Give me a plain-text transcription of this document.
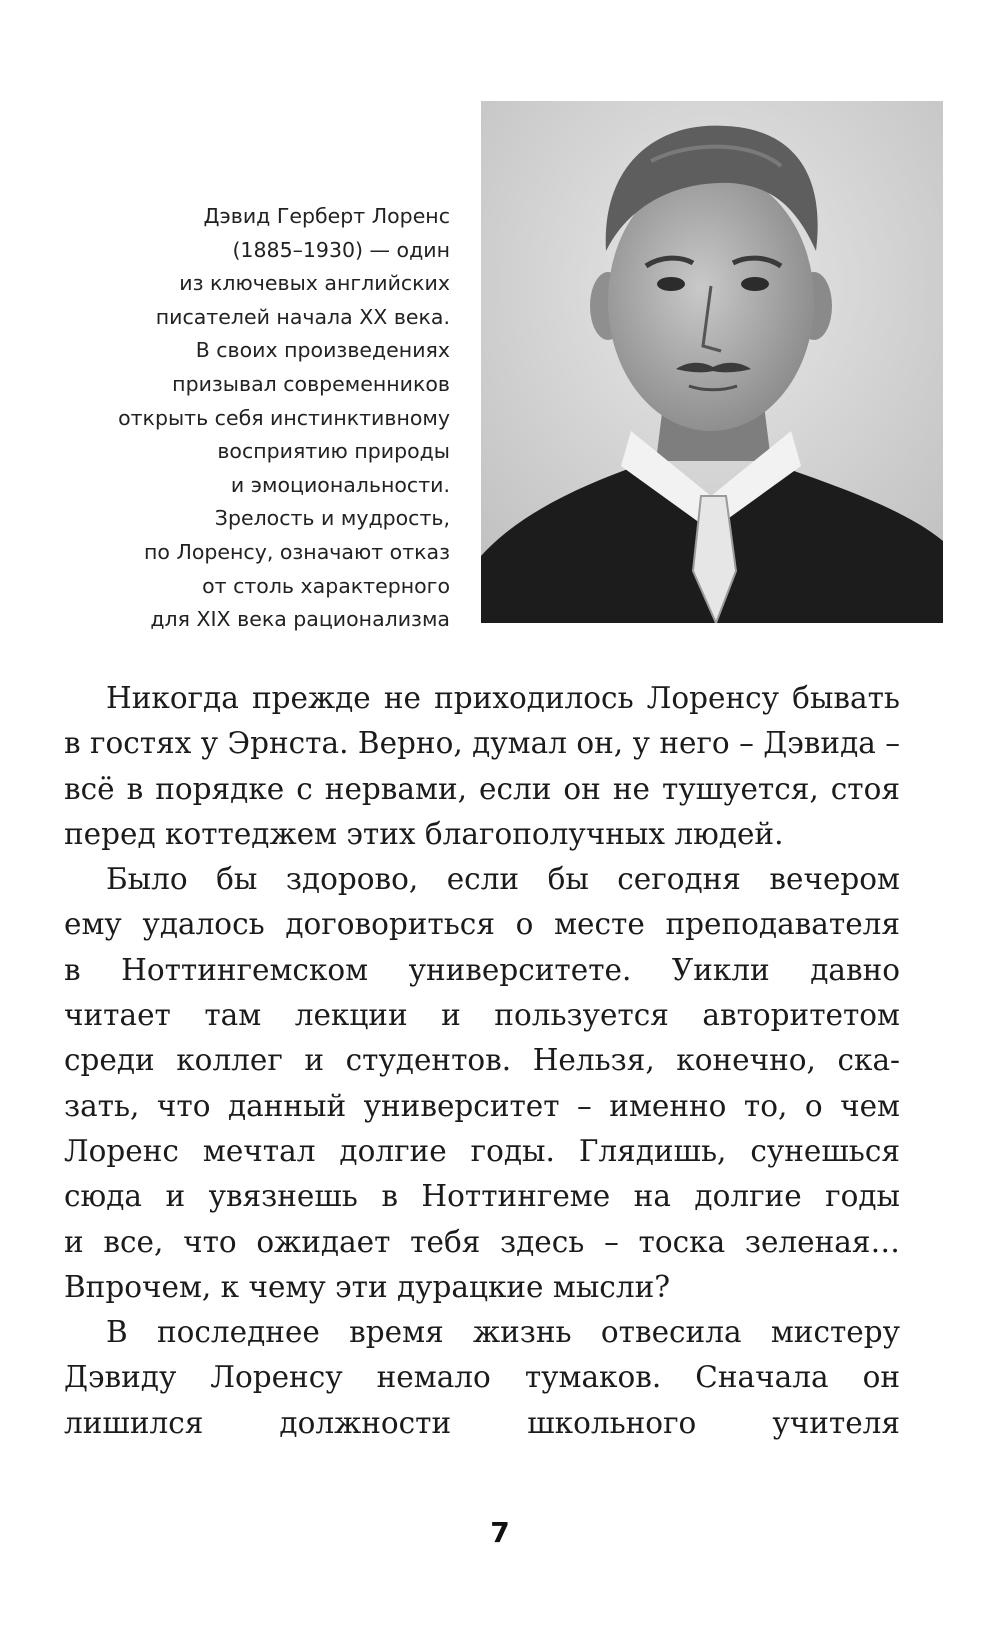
Дэвид Герберт Лоренс
(1885–1930) — один
из ключевых английских
писателей начала XX века.
В своих произведениях
призывал современников
открыть себя инстинктивному
восприятию природы
и эмоциональности.
Зрелость и мудрость,
по Лоренсу, означают отказ
от столь характерного
для XIX века рационализма
Никогда прежде не приходилось Лоренсу бывать
в гостях у Эрнста. Верно, думал он, у него – Дэвида –
всё в порядке с нервами, если он не тушуется, стоя
перед коттеджем этих благополучных людей.
Было бы здорово, если бы сегодня вечером
ему удалось договориться о месте преподавателя
в Ноттингемском университете. Уикли давно
читает там лекции и пользуется авторитетом
среди коллег и студентов. Нельзя, конечно, ска-
зать, что данный университет – именно то, о чем
Лоренс мечтал долгие годы. Глядишь, сунешься
сюда и увязнешь в Ноттингеме на долгие годы
и все, что ожидает тебя здесь – тоска зеленая…
Впрочем, к чему эти дурацкие мысли?
В последнее время жизнь отвесила мистеру
Дэвиду Лоренсу немало тумаков. Сначала он
лишился должности школьного учителя
7
